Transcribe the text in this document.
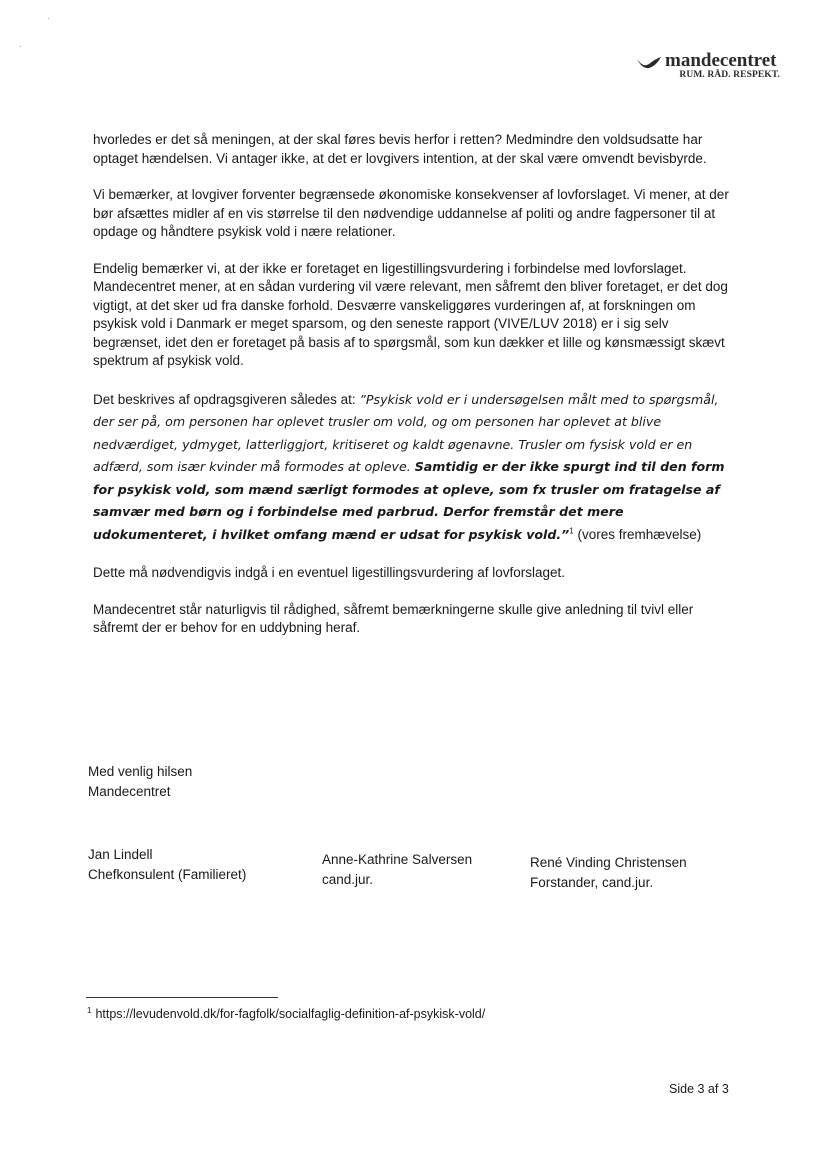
·
·
mandecentret
RUM. RÅD. RESPEKT.

hvorledes er det så meningen, at der skal føres bevis herfor i retten? Medmindre den voldsudsatte har optaget hændelsen. Vi antager ikke, at det er lovgivers intention, at der skal være omvendt bevisbyrde.

Vi bemærker, at lovgiver forventer begrænsede økonomiske konsekvenser af lovforslaget. Vi mener, at der bør afsættes midler af en vis størrelse til den nødvendige uddannelse af politi og andre fagpersoner til at opdage og håndtere psykisk vold i nære relationer.

Endelig bemærker vi, at der ikke er foretaget en ligestillingsvurdering i forbindelse med lovforslaget. Mandecentret mener, at en sådan vurdering vil være relevant, men såfremt den bliver foretaget, er det dog vigtigt, at det sker ud fra danske forhold. Desværre vanskeliggøres vurderingen af, at forskningen om psykisk vold i Danmark er meget sparsom, og den seneste rapport (VIVE/LUV 2018) er i sig selv begrænset, idet den er foretaget på basis af to spørgsmål, som kun dækker et lille og kønsmæssigt skævt spektrum af psykisk vold.

Det beskrives af opdragsgiveren således at: ”Psykisk vold er i undersøgelsen målt med to spørgsmål, der ser på, om personen har oplevet trusler om vold, og om personen har oplevet at blive nedværdiget, ydmyget, latterliggjort, kritiseret og kaldt øgenavne. Trusler om fysisk vold er en adfærd, som især kvinder må formodes at opleve. Samtidig er der ikke spurgt ind til den form for psykisk vold, som mænd særligt formodes at opleve, som fx trusler om fratagelse af samvær med børn og i forbindelse med parbrud. Derfor fremstår det mere udokumenteret, i hvilket omfang mænd er udsat for psykisk vold.”$^1$ (vores fremhævelse)

Dette må nødvendigvis indgå i en eventuel ligestillingsvurdering af lovforslaget.

Mandecentret står naturligvis til rådighed, såfremt bemærkningerne skulle give anledning til tvivl eller såfremt der er behov for en uddybning heraf.

Med venlig hilsen
Mandecentret
Jan Lindell
Chefkonsulent (Familieret)
Anne-Kathrine Salversen
cand.jur.
René Vinding Christensen
Forstander, cand.jur.
$^1$ https://levudenvold.dk/for-fagfolk/socialfaglig-definition-af-psykisk-vold/
Side 3 af 3
